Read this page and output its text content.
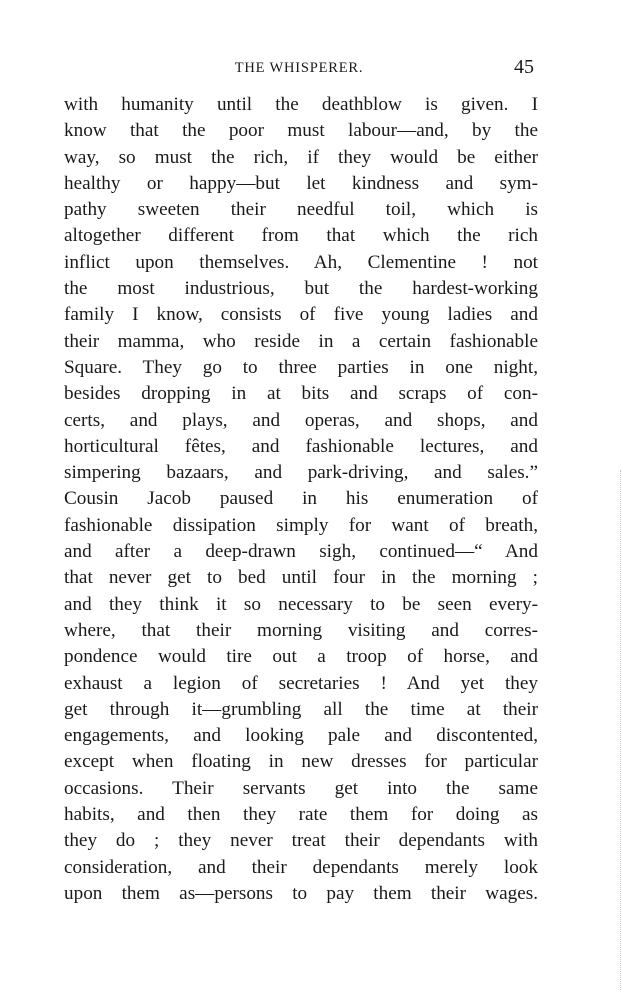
THE WHISPERER.	45
with humanity until the deathblow is given. I
know that the poor must labour—and, by the
way, so must the rich, if they would be either
healthy or happy—but let kindness and sym-
pathy sweeten their needful toil, which is
altogether different from that which the rich
inflict upon themselves. Ah, Clementine ! not
the most industrious, but the hardest-working
family I know, consists of five young ladies and
their mamma, who reside in a certain fashionable
Square. They go to three parties in one night,
besides dropping in at bits and scraps of con-
certs, and plays, and operas, and shops, and
horticultural fêtes, and fashionable lectures, and
simpering bazaars, and park-driving, and sales.”
Cousin Jacob paused in his enumeration of
fashionable dissipation simply for want of breath,
and after a deep-drawn sigh, continued—“ And
that never get to bed until four in the morning ;
and they think it so necessary to be seen every-
where, that their morning visiting and corres-
pondence would tire out a troop of horse, and
exhaust a legion of secretaries ! And yet they
get through it—grumbling all the time at their
engagements, and looking pale and discontented,
except when floating in new dresses for particular
occasions. Their servants get into the same
habits, and then they rate them for doing as
they do ; they never treat their dependants with
consideration, and their dependants merely look
upon them as—persons to pay them their wages.
